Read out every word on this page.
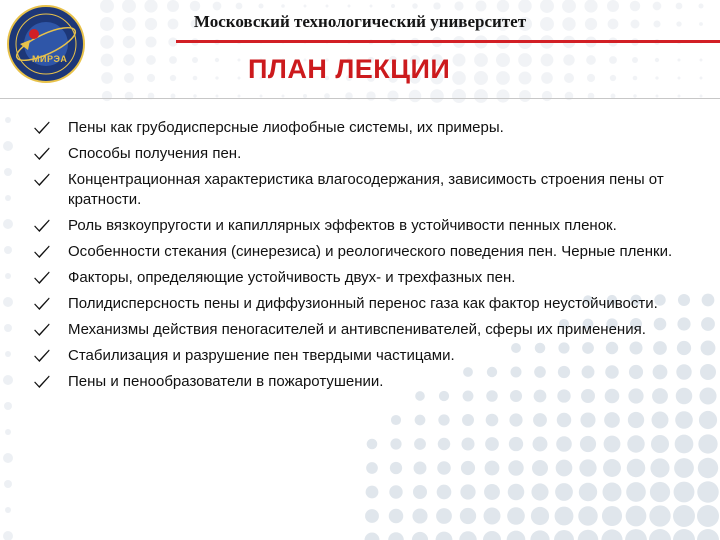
МИРЭА
Московский технологический университет
ПЛАН ЛЕКЦИИ
Пены как грубодисперсные лиофобные системы, их примеры.
Способы получения пен.
Концентрационная характеристика влагосодержания, зависимость строения пены от кратности.
Роль вязкоупругости и капиллярных эффектов в устойчивости пенных пленок.
Особенности стекания (синерезиса) и реологического поведения пен. Черные пленки.
Факторы, определяющие устойчивость двух- и трехфазных пен.
Полидисперсность пены и диффузионный перенос газа как фактор неустойчивости.
Механизмы действия пеногасителей и антивспенивателей, сферы их применения.
Стабилизация и разрушение пен твердыми частицами.
Пены и пенообразователи в пожаротушении.
